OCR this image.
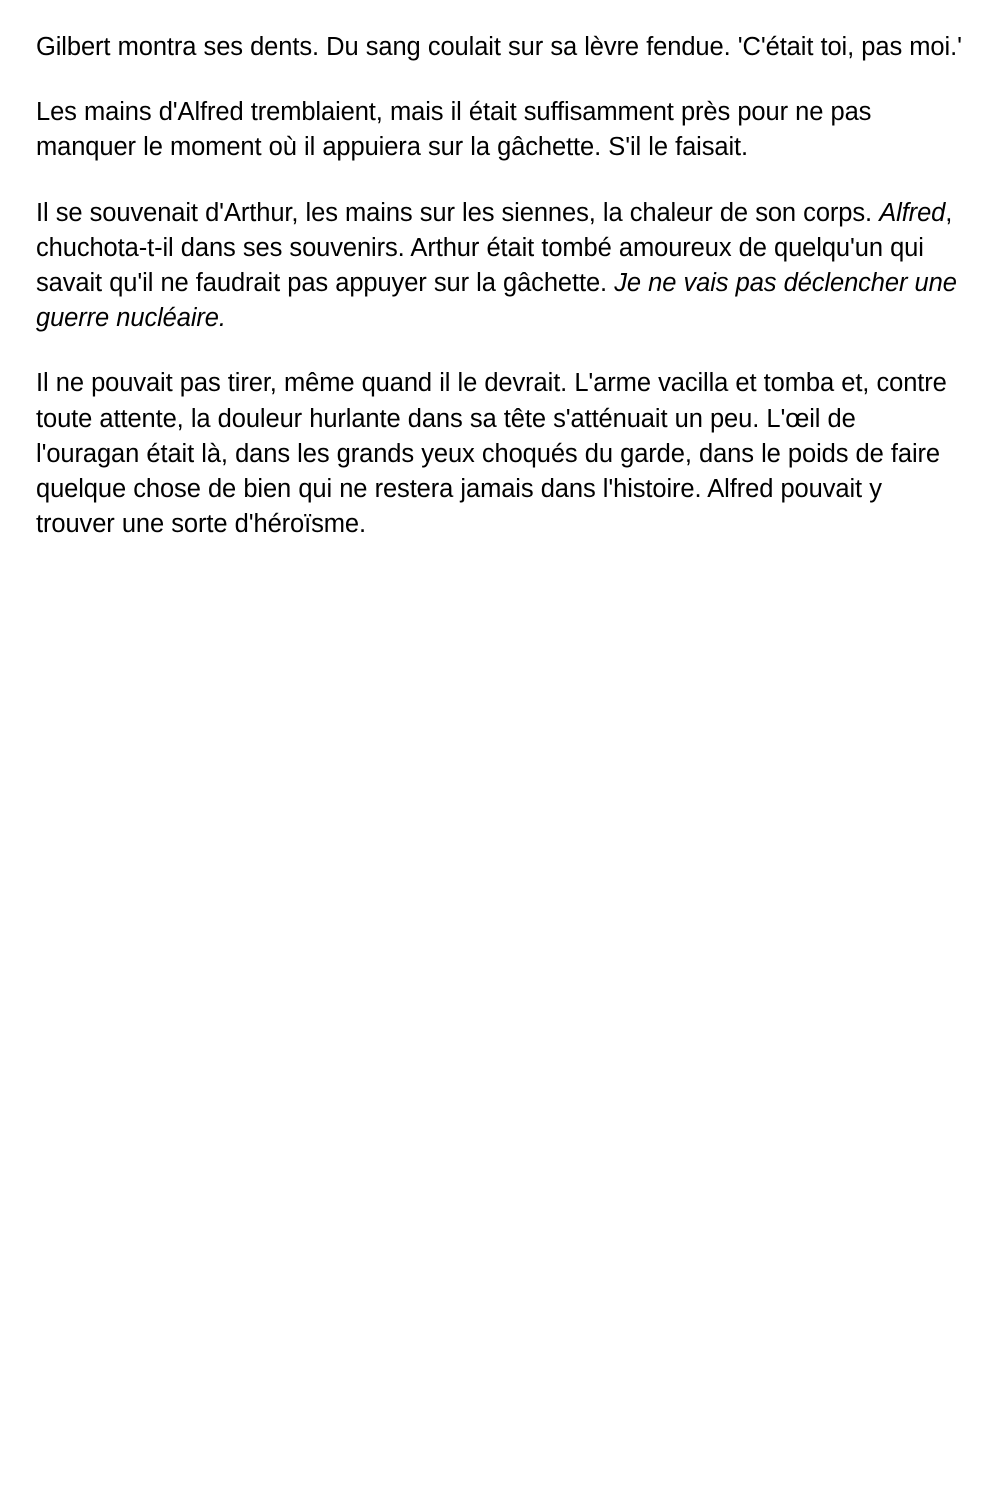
Gilbert montra ses dents. Du sang coulait sur sa lèvre fendue. 'C'était toi, pas moi.'

Les mains d'Alfred tremblaient, mais il était suffisamment près pour ne pas manquer le moment où il appuiera sur la gâchette. S'il le faisait.

Il se souvenait d'Arthur, les mains sur les siennes, la chaleur de son corps. Alfred, chuchota-t-il dans ses souvenirs. Arthur était tombé amoureux de quelqu'un qui savait qu'il ne faudrait pas appuyer sur la gâchette. Je ne vais pas déclencher une guerre nucléaire.

Il ne pouvait pas tirer, même quand il le devrait. L'arme vacilla et tomba et, contre toute attente, la douleur hurlante dans sa tête s'atténuait un peu. L'œil de l'ouragan était là, dans les grands yeux choqués du garde, dans le poids de faire quelque chose de bien qui ne restera jamais dans l'histoire. Alfred pouvait y trouver une sorte d'héroïsme.
